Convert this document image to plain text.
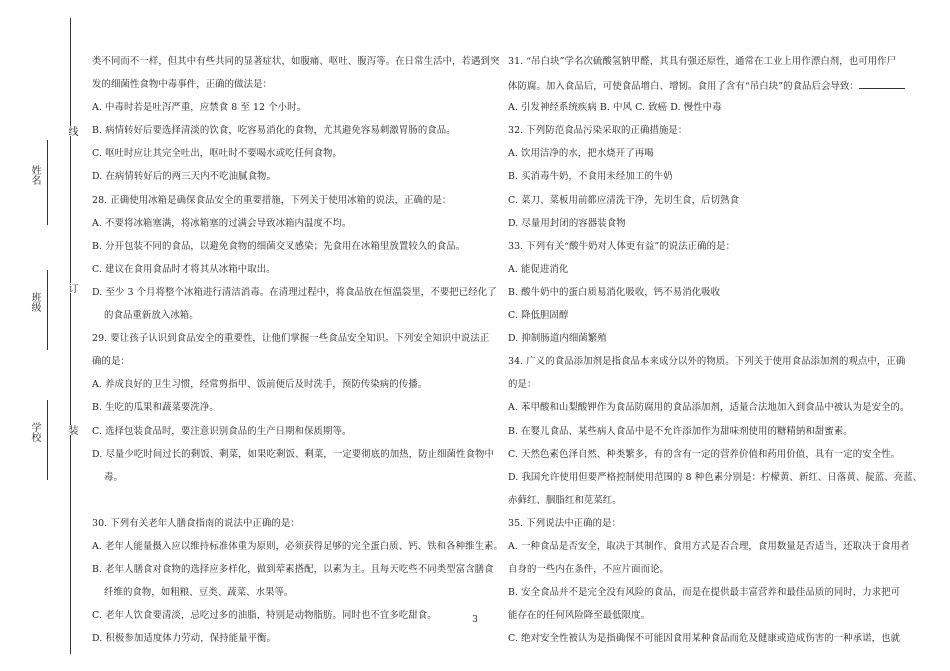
姓名
班级
学校
线
订
装
类不同而不一样，但其中有些共同的显著症状，如腹痛、呕吐、腹泻等。在日常生活中，若遇到突
发的细菌性食物中毒事件，正确的做法是：
A. 中毒时若是吐泻严重，应禁食 8 至 12 个小时。
B. 病情转好后要选择清淡的饮食，吃容易消化的食物，尤其避免容易刺激胃肠的食品。
C. 呕吐时应让其完全吐出，呕吐时不要喝水或吃任何食物。
D. 在病情转好后的两三天内不吃油腻食物。
28. 正确使用冰箱是确保食品安全的重要措施，下列关于使用冰箱的说法，正确的是：
A. 不要将冰箱塞满，将冰箱塞的过满会导致冰箱内温度不均。
B. 分开包装不同的食品，以避免食物的细菌交叉感染；先食用在冰箱里放置较久的食品。
C. 建议在食用食品时才将其从冰箱中取出。
D. 至少 3 个月将整个冰箱进行清洁消毒。在清理过程中，将食品放在恒温袋里，不要把已经化了
的食品重新放入冰箱。
29. 要让孩子认识到食品安全的重要性，让他们掌握一些食品安全知识。下列安全知识中说法正
确的是：
A. 养成良好的卫生习惯，经常剪指甲、饭前便后及时洗手，预防传染病的传播。
B. 生吃的瓜果和蔬菜要洗净。
C. 选择包装食品时，要注意识别食品的生产日期和保质期等。
D. 尽量少吃时间过长的剩饭、剩菜，如果吃剩饭、剩菜，一定要彻底的加热，防止细菌性食物中
毒。
30. 下列有关老年人膳食指南的说法中正确的是：
A. 老年人能量摄入应以维持标准体重为原则，必须获得足够的完全蛋白质、钙、铁和各种维生素。
B. 老年人膳食对食物的选择应多样化，做到荤素搭配，以素为主。且每天吃些不同类型富含膳食
纤维的食物，如粗粮、豆类、蔬菜、水果等。
C. 老年人饮食要清淡，忌吃过多的油脂，特别是动物脂肪。同时也不宜多吃甜食。
D. 积极参加适度体力劳动，保持能量平衡。
31. “吊白块”学名次硫酸氢钠甲醛，其具有强还原性，通常在工业上用作漂白剂，也可用作尸
体防腐。加入食品后，可使食品增白、增韧。食用了含有“吊白块”的食品后会导致：
A. 引发神经系统疾病 B. 中风 C. 致癌 D. 慢性中毒
32. 下列防范食品污染采取的正确措施是：
A. 饮用洁净的水，把水烧开了再喝
B. 买消毒牛奶，不食用未经加工的牛奶
C. 菜刀、菜板用前都应清洗干净，先切生食，后切熟食
D. 尽量用封闭的容器装食物
33. 下列有关“酸牛奶对人体更有益”的说法正确的是：
A. 能促进消化
B. 酸牛奶中的蛋白质易消化吸收，钙不易消化吸收
C. 降低胆固醇
D. 抑制肠道内细菌繁殖
34. 广义的食品添加剂是指食品本来成分以外的物质。下列关于使用食品添加剂的观点中，正确
的是：
A. 苯甲酸和山梨酸钾作为食品防腐用的食品添加剂，适量合法地加入到食品中被认为是安全的。
B. 在婴儿食品、某些病人食品中是不允许添加作为甜味剂使用的糖精钠和甜蜜素。
C. 天然色素色泽自然、种类繁多，有的含有一定的营养价值和药用价值，具有一定的安全性。
D. 我国允许使用但要严格控制使用范围的 8 种色素分别是：柠檬黄、新红、日落黄、靛蓝、亮蓝、
赤藓红、胭脂红和苋菜红。
35. 下列说法中正确的是：
A. 一种食品是否安全，取决于其制作、食用方式是否合理，食用数量是否适当，还取决于食用者
自身的一些内在条件，不应片面而论。
B. 安全食品并不是完全没有风险的食品，而是在提供最丰富营养和最佳品质的同时，力求把可
能存在的任何风险降至最低限度。
C. 绝对安全性被认为是指确保不可能因食用某种食品而危及健康或造成伤害的一种承诺，也就
3
